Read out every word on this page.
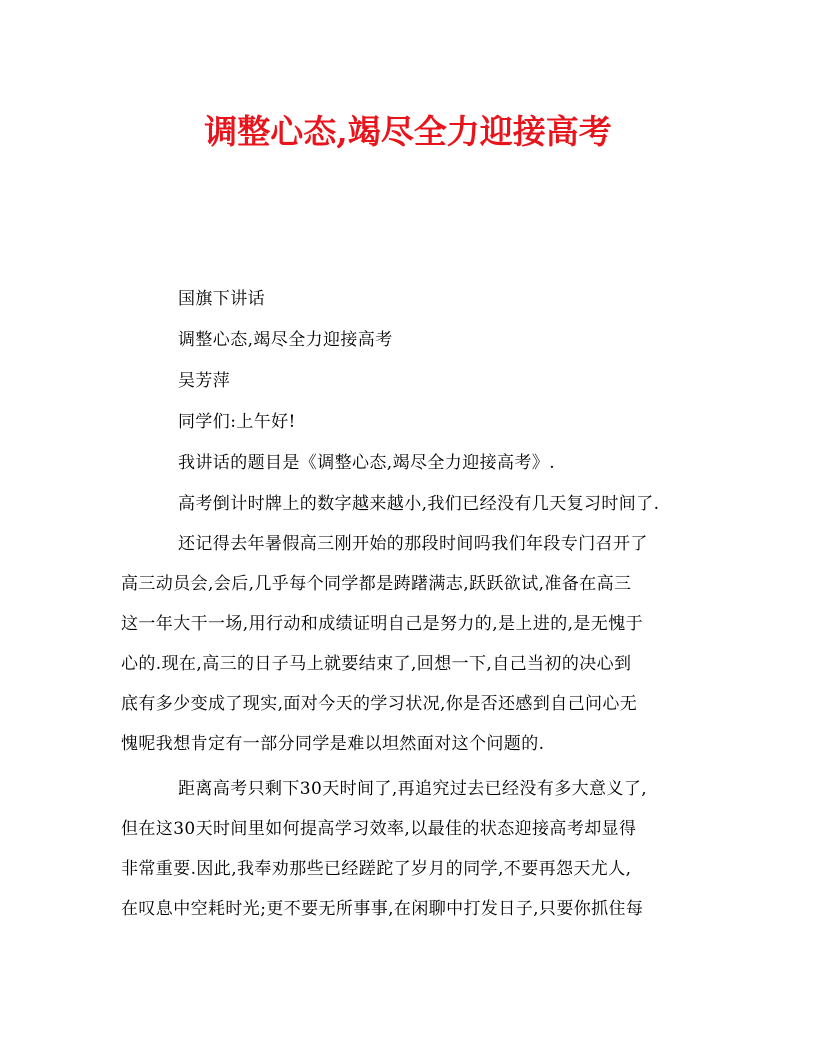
调整心态,竭尽全力迎接高考
国旗下讲话
调整心态,竭尽全力迎接高考
吴芳萍
同学们:上午好!
我讲话的题目是《调整心态,竭尽全力迎接高考》.
高考倒计时牌上的数字越来越小,我们已经没有几天复习时间了.
还记得去年暑假高三刚开始的那段时间吗我们年段专门召开了
高三动员会,会后,几乎每个同学都是踌躇满志,跃跃欲试,准备在高三
这一年大干一场,用行动和成绩证明自己是努力的,是上进的,是无愧于
心的.现在,高三的日子马上就要结束了,回想一下,自己当初的决心到
底有多少变成了现实,面对今天的学习状况,你是否还感到自己问心无
愧呢我想肯定有一部分同学是难以坦然面对这个问题的.
距离高考只剩下30天时间了,再追究过去已经没有多大意义了,
但在这30天时间里如何提高学习效率,以最佳的状态迎接高考却显得
非常重要.因此,我奉劝那些已经蹉跎了岁月的同学,不要再怨天尤人,
在叹息中空耗时光;更不要无所事事,在闲聊中打发日子,只要你抓住每
